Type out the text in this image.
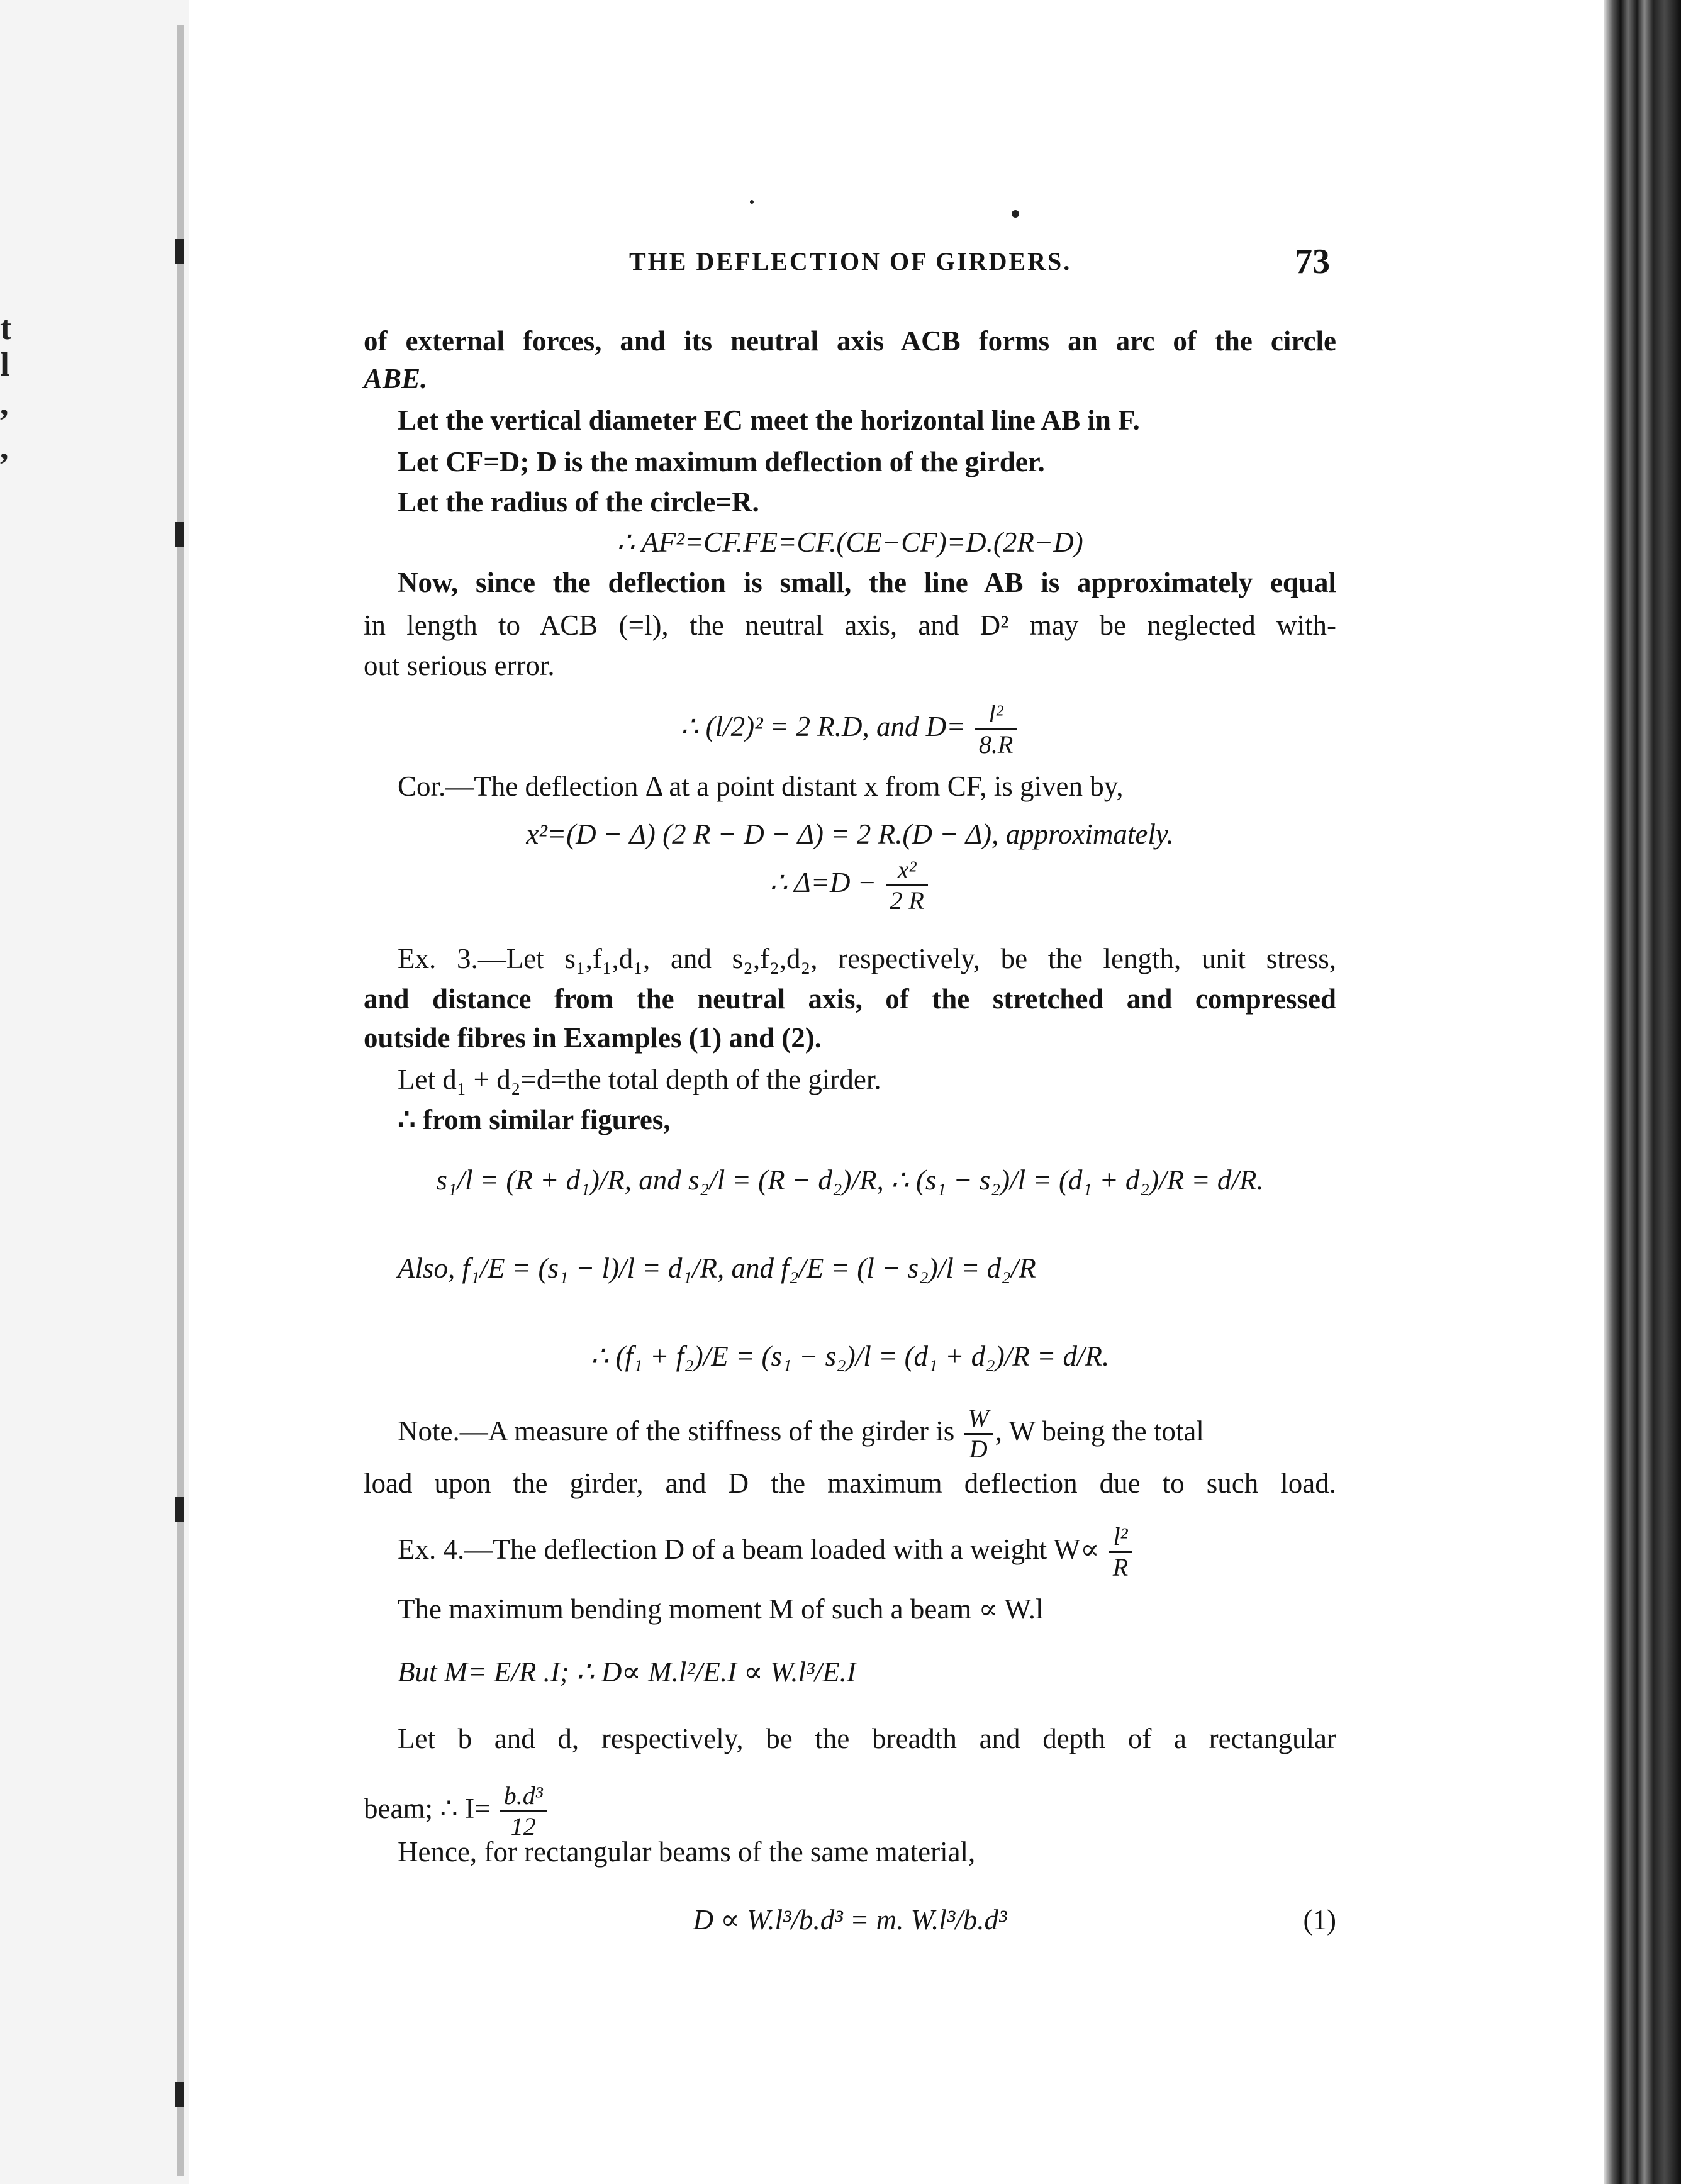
t
l
,
,
THE DEFLECTION OF GIRDERS.	73
of external forces, and its neutral axis ACB forms an arc of the circle
ABE.
Let the vertical diameter EC meet the horizontal line AB in F.
Let CF=D; D is the maximum deflection of the girder.
Let the radius of the circle=R.
∴ AF²=CF.FE=CF.(CE−CF)=D.(2R−D)
Now, since the deflection is small, the line AB is approximately equal
in length to ACB (=l), the neutral axis, and D² may be neglected with-
out serious error.
∴ (l/2)² = 2 R.D, and $D= \frac{\text{l²}}{8.R}$
Cor.—The deflection Δ at a point distant x from CF, is given by,
x²=(D − Δ) (2 R − D − Δ) = 2 R.(D − Δ), approximately.
∴ $\Delta=D - \frac{\text{x²}}{2 R}$
Ex. 3.—Let s₁,f₁,d₁, and s₂,f₂,d₂, respectively, be the length, unit stress,
and distance from the neutral axis, of the stretched and compressed
outside fibres in Examples (1) and (2).
Let d₁ + d₂=d=the total depth of the girder.
∴ from similar figures,
s₁/l = (R + d₁)/R, and s₂/l = (R − d₂)/R, ∴ (s₁ − s₂)/l = (d₁ + d₂)/R = d/R.
Also, f₁/E = (s₁ − l)/l = d₁/R, and f₂/E = (l − s₂)/l = d₂/R
∴ (f₁ + f₂)/E = (s₁ − s₂)/l = (d₁ + d₂)/R = d/R.
Note.—A measure of the stiffness of the girder is $\frac{W}{D}$ , W being the total
load upon the girder, and D the maximum deflection due to such load.
Ex. 4.—The deflection D of a beam loaded with a weight $W\propto \frac{\text{l²}}{R}$
The maximum bending moment M of such a beam ∝ W.l
But M= E/R .I; ∴ D∝ M.l²/E.I ∝ W.l³/E.I
Let b and d, respectively, be the breadth and depth of a rectangular
beam; ∴ $I= \frac{\text{b.d³}}{12}$
Hence, for rectangular beams of the same material,
D ∝ W.l³/b.d³ = m. W.l³/b.d³	(1)
